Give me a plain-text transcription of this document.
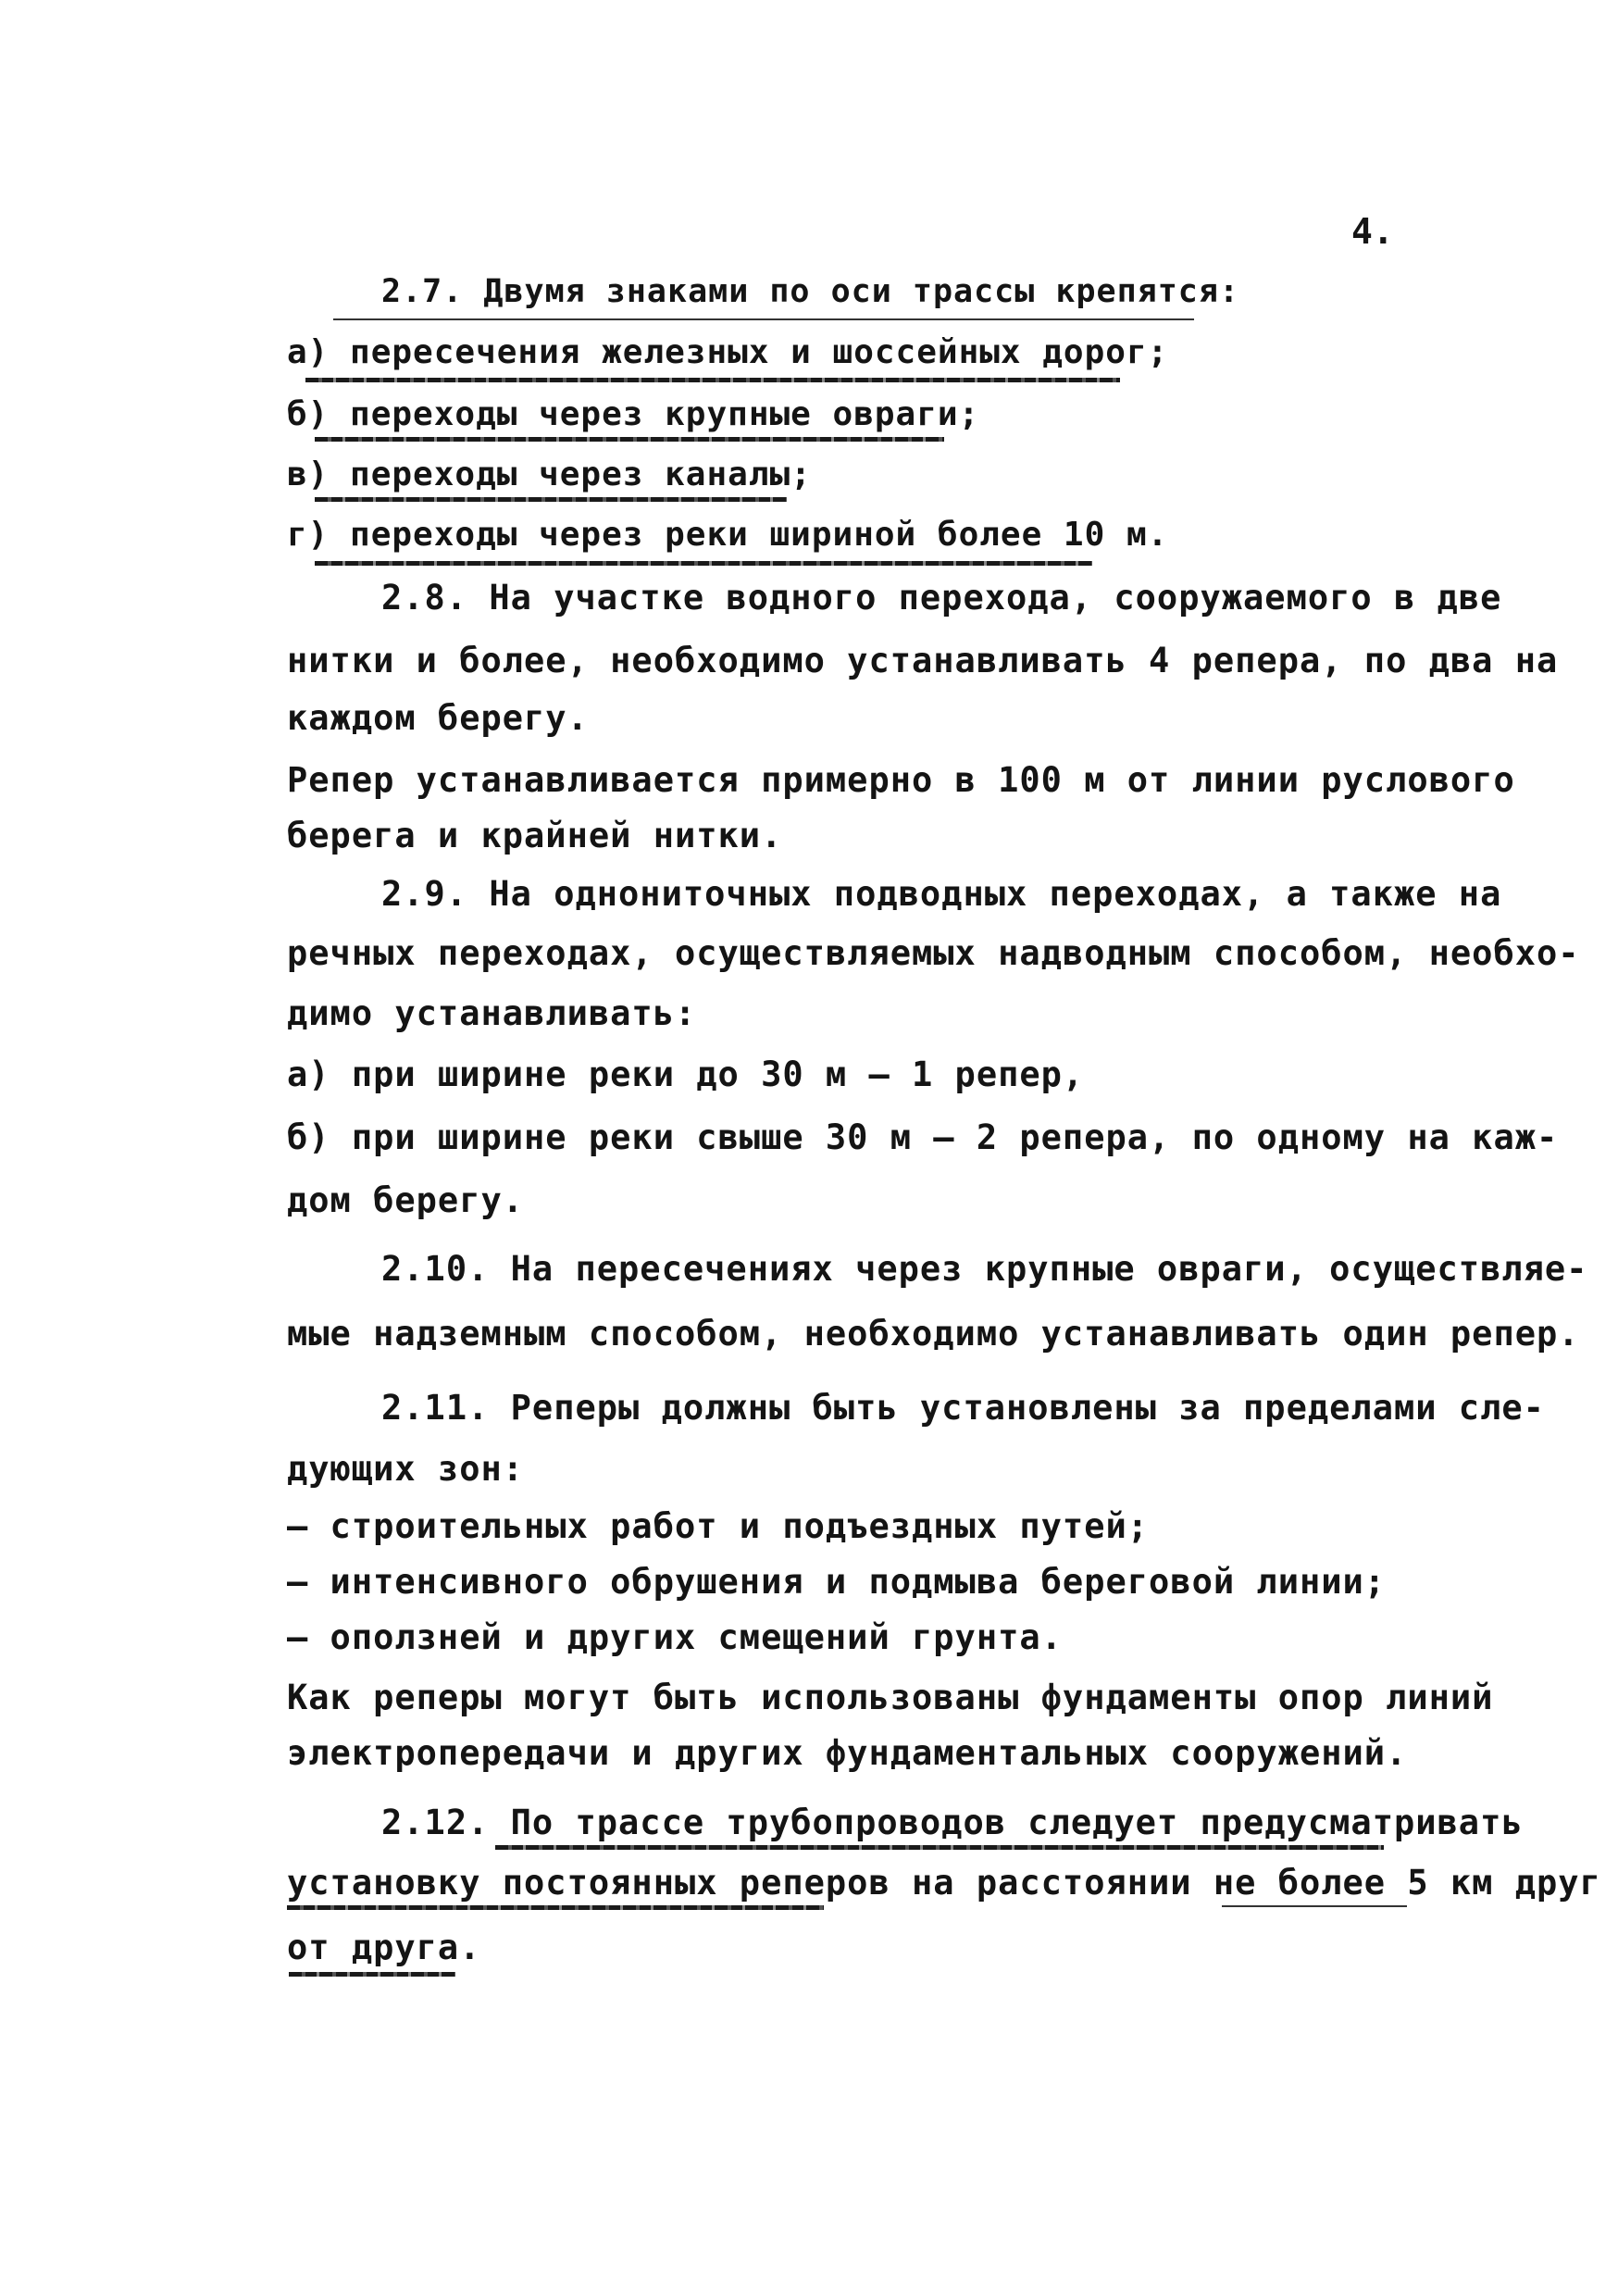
4.
2.7. Двумя знаками по оси трассы крепятся:
а) пересечения железных и шоссейных дорог;
б) переходы через крупные овраги;
в) переходы через каналы;
г) переходы через реки шириной более 10 м.
2.8. На участке водного перехода, сооружаемого в две
нитки и более, необходимо устанавливать 4 репера, по два на
каждом берегу.
Репер устанавливается примерно в 100 м от линии руслового
берега и крайней нитки.
2.9. На однониточных подводных переходах, а также на
речных переходах, осуществляемых надводным способом, необхо-
димо устанавливать:
а) при ширине реки до 30 м – 1 репер,
б) при ширине реки свыше 30 м – 2 репера, по одному на каж-
дом берегу.
2.10. На пересечениях через крупные овраги, осуществляе-
мые надземным способом, необходимо устанавливать один репер.
2.11. Реперы должны быть установлены за пределами сле-
дующих зон:
– строительных работ и подъездных путей;
– интенсивного обрушения и подмыва береговой линии;
– оползней и других смещений грунта.
Как реперы могут быть использованы фундаменты опор линий
электропередачи и других фундаментальных сооружений.
2.12. По трассе трубопроводов следует предусматривать
установку постоянных реперов на расстоянии не более 5 км друг
от друга.
